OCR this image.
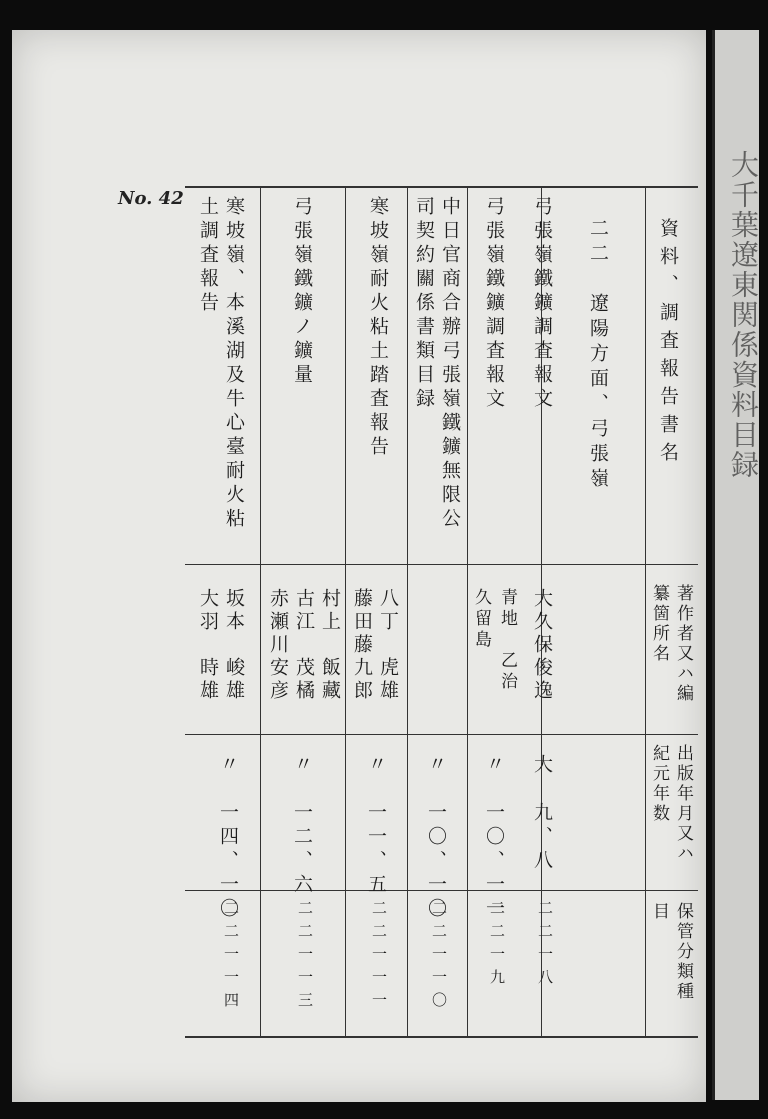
大千葉遼東関係資料目録
No. 42
資料、調査報告書名
著作者又ハ編纂箇所名
出版年月又ハ紀元年数
保管分類種目
二二　遼陽方面、弓張嶺
弓張嶺鐵鑛調査報文
大久保俊逸
大　九、八
二二一八
弓張嶺鐵鑛調査報文
青地　乙治
久留島
〃　一〇、一一
二二一九
中日官商合辦弓張嶺鐵鑛無限公
司契約關係書類目録
〃　一〇、一〇
二二一一〇
寒坡嶺耐火粘土踏査報告
八丁　虎雄
藤田藤九郎
〃　一一、五
二二一一一
弓張嶺鐵鑛ノ鑛量
村上　飯藏
古江　茂橘
赤瀬川安彦
〃　一二、六
二二一一三
寒坡嶺、本溪湖及牛心臺耐火粘
土調査報告
坂本　峻雄
大羽　時雄
〃　一四、一〇
二二一一四
